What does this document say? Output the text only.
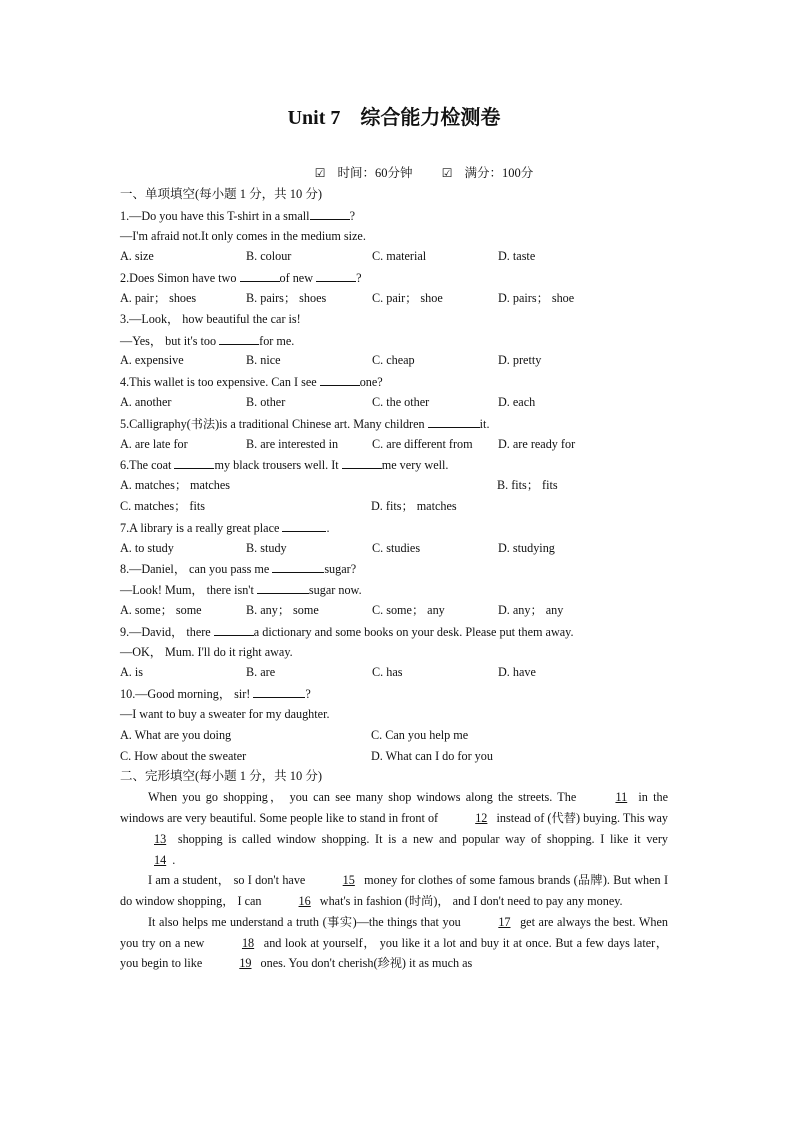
Unit 7　综合能力检测卷
☑ 时间：60分钟 ☑ 满分：100分
一、单项填空(每小题 1 分，共 10 分)
1.—Do you have this T-shirt in a small	?
—I'm afraid not.It only comes in the medium size.
A. size	B. colour	C. material	D. taste
2.Does Simon have two	of new	?
A. pair； shoes	B. pairs； shoes	C. pair； shoe	D. pairs； shoe
3.—Look， how beautiful the car is!
—Yes， but it's too	for me.
A. expensive	B. nice	C. cheap	D. pretty
4.This wallet is too expensive. Can I see	one?
A. another	B. other	C. the other	D. each
5.Calligraphy(书法)is a traditional Chinese art. Many children	it.
A. are late for	B. are interested in	C. are different from	D. are ready for
6.The coat	my black trousers well. It	me very well.
A. matches； matches	B. fits； fits
C. matches； fits	D. fits； matches
7.A library is a really great place	.
A. to study	B. study	C. studies	D. studying
8.—Daniel， can you pass me	sugar?
—Look! Mum， there isn't	sugar now.
A. some； some	B. any； some	C. some； any	D. any； any
9.—David， there	a dictionary and some books on your desk. Please put them away.
—OK， Mum. I'll do it right away.
A. is	B. are	C. has	D. have
10.—Good morning， sir!	?
—I want to buy a sweater for my daughter.
A. What are you doing	C. Can you help me
C. How about the sweater	D. What can I do for you
二、完形填空(每小题 1 分，共 10 分)
When you go shopping， you can see many shop windows along the streets. The	11 in the windows are very beautiful. Some people like to stand in front of	12 instead of (代替) buying. This way 13 shopping is called window shopping. It is a new and popular way of shopping. I like it very 14 .
I am a student， so I don't have	15 money for clothes of some famous brands (品牌). But when I do window shopping， I can	16 what's in fashion (时尚)， and I don't need to pay any money.
It also helps me understand a truth (事实)—the things that you	17 get are always the best. When you try on a new	18 and look at yourself， you like it a lot and buy it at once. But a few days later， you begin to like	19 ones. You don't cherish(珍视) it as much as
